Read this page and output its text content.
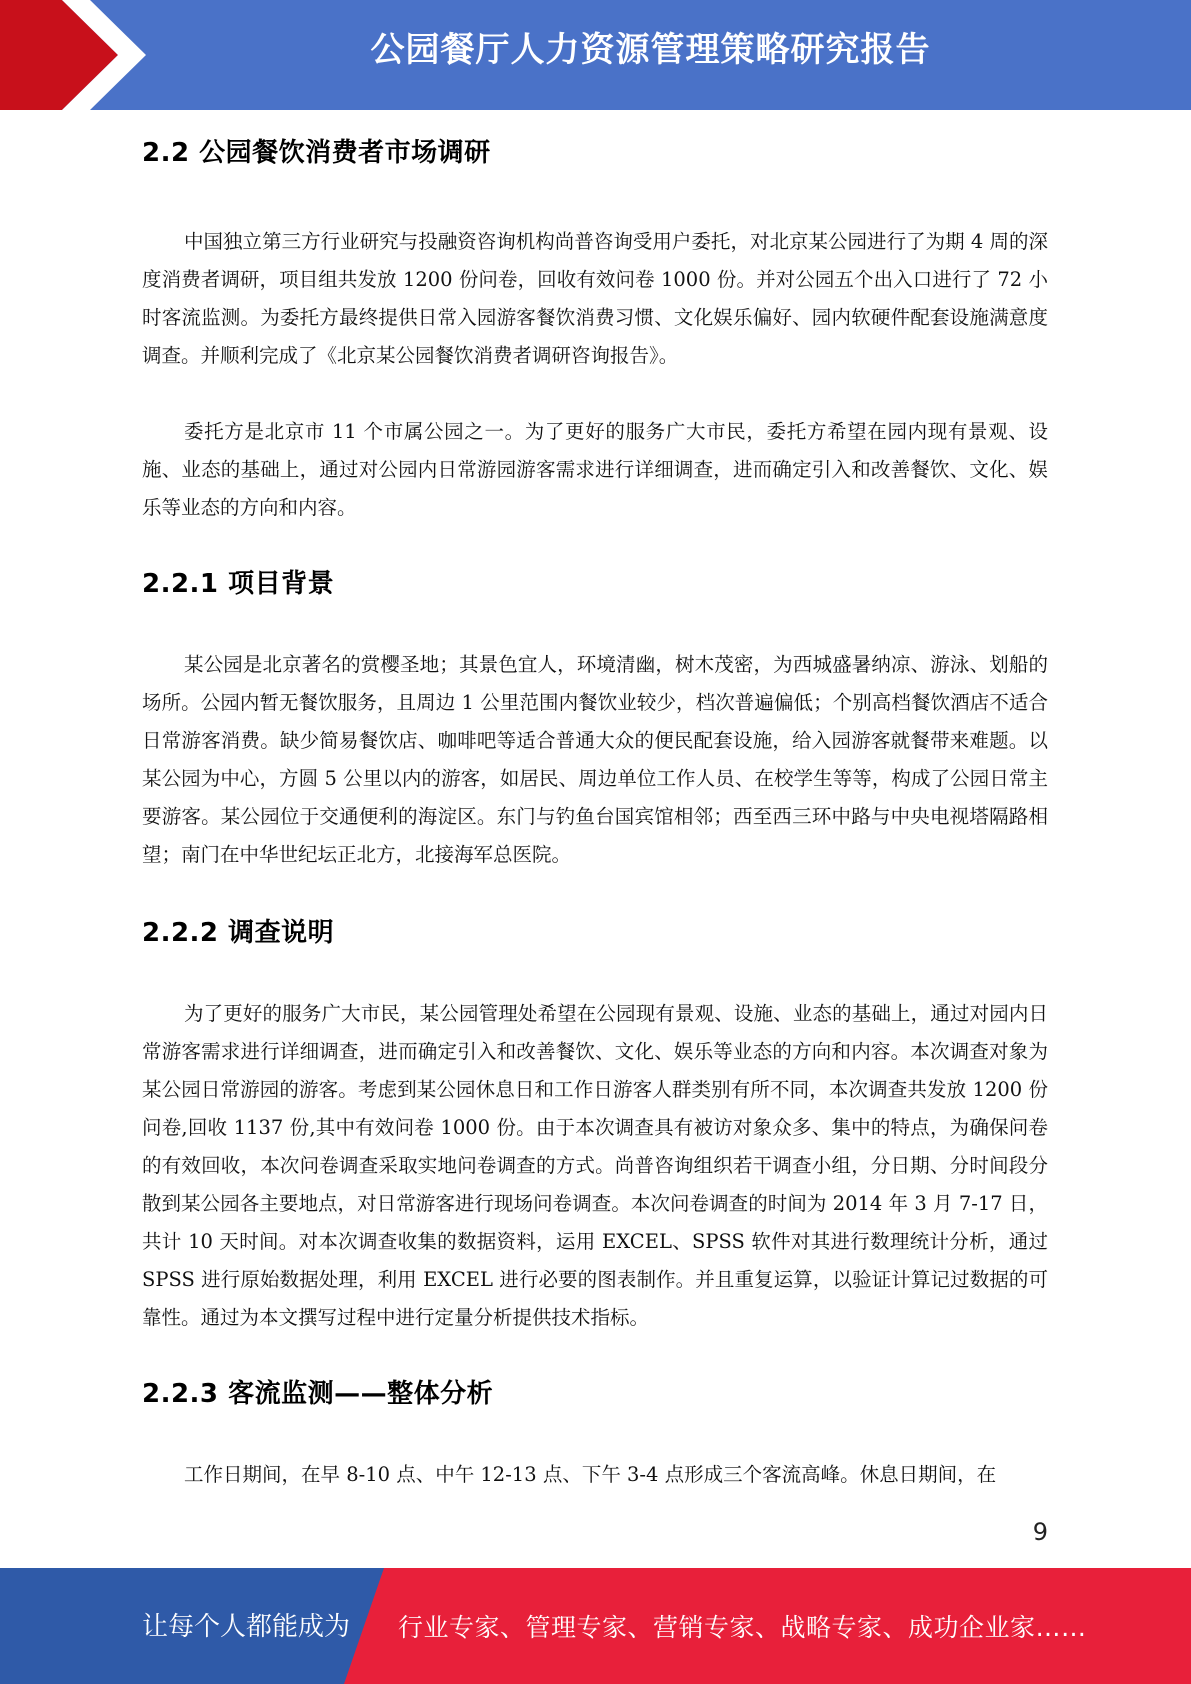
公园餐厅人力资源管理策略研究报告
2.2 公园餐饮消费者市场调研

中国独立第三方行业研究与投融资咨询机构尚普咨询受用户委托，对北京某公园进行了为期 4 周的深度消费者调研，项目组共发放 1200 份问卷，回收有效问卷 1000 份。并对公园五个出入口进行了 72 小时客流监测。为委托方最终提供日常入园游客餐饮消费习惯、文化娱乐偏好、园内软硬件配套设施满意度调查。并顺利完成了《北京某公园餐饮消费者调研咨询报告》。

委托方是北京市 11 个市属公园之一。为了更好的服务广大市民，委托方希望在园内现有景观、设施、业态的基础上，通过对公园内日常游园游客需求进行详细调查，进而确定引入和改善餐饮、文化、娱乐等业态的方向和内容。

2.2.1 项目背景

某公园是北京著名的赏樱圣地；其景色宜人，环境清幽，树木茂密，为西城盛暑纳凉、游泳、划船的场所。公园内暂无餐饮服务，且周边 1 公里范围内餐饮业较少，档次普遍偏低；个别高档餐饮酒店不适合日常游客消费。缺少简易餐饮店、咖啡吧等适合普通大众的便民配套设施，给入园游客就餐带来难题。以某公园为中心，方圆 5 公里以内的游客，如居民、周边单位工作人员、在校学生等等，构成了公园日常主要游客。某公园位于交通便利的海淀区。东门与钓鱼台国宾馆相邻；西至西三环中路与中央电视塔隔路相望；南门在中华世纪坛正北方，北接海军总医院。

2.2.2 调查说明

为了更好的服务广大市民，某公园管理处希望在公园现有景观、设施、业态的基础上，通过对园内日常游客需求进行详细调查，进而确定引入和改善餐饮、文化、娱乐等业态的方向和内容。本次调查对象为某公园日常游园的游客。考虑到某公园休息日和工作日游客人群类别有所不同，本次调查共发放 1200 份问卷,回收 1137 份,其中有效问卷 1000 份。由于本次调查具有被访对象众多、集中的特点，为确保问卷的有效回收，本次问卷调查采取实地问卷调查的方式。尚普咨询组织若干调查小组，分日期、分时间段分散到某公园各主要地点，对日常游客进行现场问卷调查。本次问卷调查的时间为 2014 年 3 月 7-17 日，共计 10 天时间。对本次调查收集的数据资料，运用 EXCEL、SPSS 软件对其进行数理统计分析，通过 SPSS 进行原始数据处理，利用 EXCEL 进行必要的图表制作。并且重复运算，以验证计算记过数据的可靠性。通过为本文撰写过程中进行定量分析提供技术指标。

2.2.3 客流监测——整体分析

工作日期间，在早 8-10 点、中午 12-13 点、下午 3-4 点形成三个客流高峰。休息日期间，在

9
让每个人都能成为 行业专家、管理专家、营销专家、战略专家、成功企业家……
